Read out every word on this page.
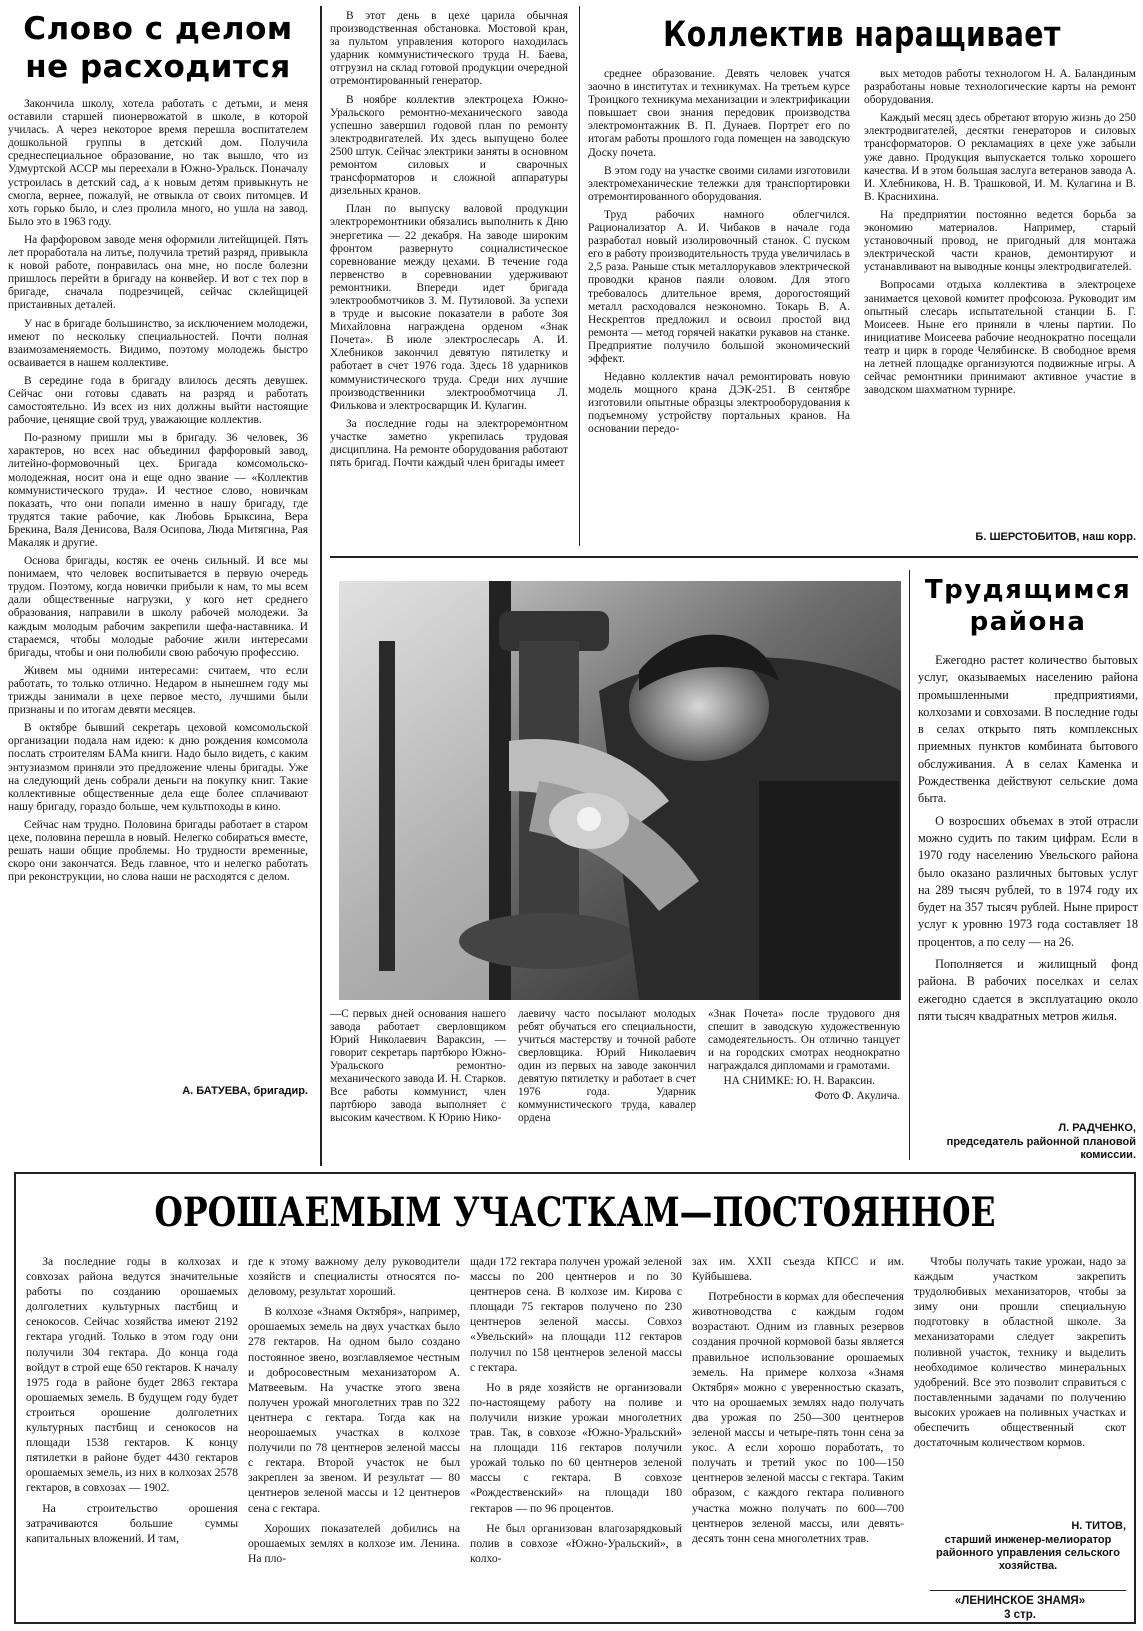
Слово с делом
не расходится

Закончила школу, хотела работать с детьми, и меня оставили старшей пионервожатой в школе, в которой училась. А через некоторое время перешла воспитателем дошкольной группы в детский дом. Получила среднеспециальное образование, но так вышло, что из Удмуртской АССР мы переехали в Южно-Уральск. Поначалу устроилась в детский сад, а к новым детям привыкнуть не смогла, вернее, пожалуй, не отвыкла от своих питомцев. И хоть горько было, и слез пролила много, но ушла на завод. Было это в 1963 году.

На фарфоровом заводе меня оформили литейщицей. Пять лет проработала на литье, получила третий разряд, привыкла к новой работе, понравилась она мне, но после болезни пришлось перейти в бригаду на конвейер. И вот с тех пор в бригаде, сначала подрезчицей, сейчас склейщицей пристаивных деталей.

У нас в бригаде большинство, за исключением молодежи, имеют по нескольку специальностей. Почти полная взаимозаменяемость. Видимо, поэтому молодежь быстро осваивается в нашем коллективе.

В середине года в бригаду влилось десять девушек. Сейчас они готовы сдавать на разряд и работать самостоятельно. Из всех из них должны выйти настоящие рабочие, ценящие свой труд, уважающие коллектив.

По-разному пришли мы в бригаду. 36 человек, 36 характеров, но всех нас объединил фарфоровый завод, литейно-формовочный цех. Бригада комсомольско-молодежная, носит она и еще одно звание — «Коллектив коммунистического труда». И честное слово, новичкам показать, что они попали именно в нашу бригаду, где трудятся такие рабочие, как Любовь Брыксина, Вера Брекина, Валя Денисова, Валя Осипова, Люда Митягина, Рая Макаляк и другие.

Основа бригады, костяк ее очень сильный. И все мы понимаем, что человек воспитывается в первую очередь трудом. Поэтому, когда новички прибыли к нам, то мы всем дали общественные нагрузки, у кого нет среднего образования, направили в школу рабочей молодежи. За каждым молодым рабочим закрепили шефа-наставника. И стараемся, чтобы молодые рабочие жили интересами бригады, чтобы и они полюбили свою рабочую профессию.

Живем мы одними интересами: считаем, что если работать, то только отлично. Недаром в нынешнем году мы трижды занимали в цехе первое место, лучшими были признаны и по итогам девяти месяцев.

В октябре бывший секретарь цеховой комсомольской организации подала нам идею: к дню рождения комсомола послать строителям БАМа книги. Надо было видеть, с каким энтузиазмом приняли это предложение члены бригады. Уже на следующий день собрали деньги на покупку книг. Такие коллективные общественные дела еще более сплачивают нашу бригаду, гораздо больше, чем культпоходы в кино.

Сейчас нам трудно. Половина бригады работает в старом цехе, половина перешла в новый. Нелегко собираться вместе, решать наши общие проблемы. Но трудности временные, скоро они закончатся. Ведь главное, что и нелегко работать при реконструкции, но слова наши не расходятся с делом.

А. БАТУЕВА, бригадир.

В этот день в цехе царила обычная производственная обстановка. Мостовой кран, за пультом управления которого находилась ударник коммунистического труда Н. Баева, отгрузил на склад готовой продукции очередной отремонтированный генератор.

В ноябре коллектив электроцеха Южно-Уральского ремонтно-механического завода успешно завершил годовой план по ремонту электродвигателей. Их здесь выпущено более 2500 штук. Сейчас электрики заняты в основном ремонтом силовых и сварочных трансформаторов и сложной аппаратуры дизельных кранов.

План по выпуску валовой продукции электроремонтники обязались выполнить к Дню энергетика — 22 декабря. На заводе широким фронтом развернуто социалистическое соревнование между цехами. В течение года первенство в соревновании удерживают ремонтники. Впереди идет бригада электрообмотчиков З. М. Путиловой. За успехи в труде и высокие показатели в работе Зоя Михайловна награждена орденом «Знак Почета». В июле электрослесарь А. И. Хлебников закончил девятую пятилетку и работает в счет 1976 года. Здесь 18 ударников коммунистического труда. Среди них лучшие производственники электрообмотчица Л. Филькова и электросварщик И. Кулагин.

За последние годы на электроремонтном участке заметно укрепилась трудовая дисциплина. На ремонте оборудования работают пять бригад. Почти каждый член бригады имеет

Коллектив наращивает

среднее образование. Девять человек учатся заочно в институтах и техникумах. На третьем курсе Троицкого техникума механизации и электрификации повышает свои знания передовик производства электромонтажник В. П. Дунаев. Портрет его по итогам работы прошлого года помещен на заводскую Доску почета.

В этом году на участке своими силами изготовили электромеханические тележки для транспортировки отремонтированного оборудования.

Труд рабочих намного облегчился. Рационализатор А. И. Чибаков в начале года разработал новый изолировочный станок. С пуском его в работу производительность труда увеличилась в 2,5 раза. Раньше стык металлорукавов электрической проводки кранов паяли оловом. Для этого требовалось длительное время, дорогостоящий металл расходовался неэкономно. Токарь В. А. Нескрептов предложил и освоил простой вид ремонта — метод горячей накатки рукавов на станке. Предприятие получило большой экономический эффект.

Недавно коллектив начал ремонтировать новую модель мощного крана ДЭК-251. В сентябре изготовили опытные образцы электрооборудования к подъемному устройству портальных кранов. На основании передо-

вых методов работы технологом Н. А. Баландиным разработаны новые технологические карты на ремонт оборудования.

Каждый месяц здесь обретают вторую жизнь до 250 электродвигателей, десятки генераторов и силовых трансформаторов. О рекламациях в цехе уже забыли уже давно. Продукция выпускается только хорошего качества. И в этом большая заслуга ветеранов завода А. И. Хлебникова, Н. В. Трашковой, И. М. Кулагина и В. В. Краснихина.

На предприятии постоянно ведется борьба за экономию материалов. Например, старый установочный провод, не пригодный для монтажа электрической части кранов, демонтируют и устанавливают на выводные концы электродвигателей.

Вопросами отдыха коллектива в электроцехе занимается цеховой комитет профсоюза. Руководит им опытный слесарь испытательной станции Б. Г. Моисеев. Ныне его приняли в члены партии. По инициативе Моисеева рабочие неоднократно посещали театр и цирк в городе Челябинске. В свободное время на летней площадке организуются подвижные игры. А сейчас ремонтники принимают активное участие в заводском шахматном турнире.

Б. ШЕРСТОБИТОВ, наш корр.
—С первых дней основания нашего завода работает сверловщиком Юрий Николаевич Вараксин, — говорит секретарь партбюро Южно-Уральского ремонтно-механического завода И. Н. Старков. Все работы коммунист, член партбюро завода выполняет с высоким качеством. К Юрию Нико-
лаевичу часто посылают молодых ребят обучаться его специальности, учиться мастерству и точной работе сверловщика. Юрий Николаевич один из первых на заводе закончил девятую пятилетку и работает в счет 1976 года. Ударник коммунистического труда, кавалер ордена
«Знак Почета» после трудового дня спешит в заводскую художественную самодеятельность. Он отлично танцует и на городских смотрах неоднократно награждался дипломами и грамотами.
НА СНИМКЕ: Ю. Н. Вараксин.
Фото Ф. Акулича.
Трудящимся
района

Ежегодно растет количество бытовых услуг, оказываемых населению района промышленными предприятиями, колхозами и совхозами. В последние годы в селах открыто пять комплексных приемных пунктов комбината бытового обслуживания. А в селах Каменка и Рождественка действуют сельские дома быта.

О возросших объемах в этой отрасли можно судить по таким цифрам. Если в 1970 году населению Увельского района было оказано различных бытовых услуг на 289 тысяч рублей, то в 1974 году их будет на 357 тысяч рублей. Ныне прирост услуг к уровню 1973 года составляет 18 процентов, а по селу — на 26.

Пополняется и жилищный фонд района. В рабочих поселках и селах ежегодно сдается в эксплуатацию около пяти тысяч квадратных метров жилья.

Л. РАДЧЕНКО,
председатель районной плановой комиссии.
ОРОШАЕМЫМ УЧАСТКАМ—ПОСТОЯННОЕ

За последние годы в колхозах и совхозах района ведутся значительные работы по созданию орошаемых долголетних культурных пастбищ и сенокосов. Сейчас хозяйства имеют 2192 гектара угодий. Только в этом году они получили 304 гектара. До конца года войдут в строй еще 650 гектаров. К началу 1975 года в районе будет 2863 гектара орошаемых земель. В будущем году будет строиться орошение долголетних культурных пастбищ и сенокосов на площади 1538 гектаров. К концу пятилетки в районе будет 4430 гектаров орошаемых земель, из них в колхозах 2578 гектаров, в совхозах — 1902.

На строительство орошения затрачиваются большие суммы капитальных вложений. И там,

где к этому важному делу руководители хозяйств и специалисты относятся по-деловому, результат хороший.

В колхозе «Знамя Октября», например, орошаемых земель на двух участках было 278 гектаров. На одном было создано постоянное звено, возглавляемое честным и добросовестным механизатором А. Матвеевым. На участке этого звена получен урожай многолетних трав по 322 центнера с гектара. Тогда как на неорошаемых участках в колхозе получили по 78 центнеров зеленой массы с гектара. Второй участок не был закреплен за звеном. И результат — 80 центнеров зеленой массы и 12 центнеров сена с гектара.

Хороших показателей добились на орошаемых землях в колхозе им. Ленина. На пло-

щади 172 гектара получен урожай зеленой массы по 200 центнеров и по 30 центнеров сена. В колхозе им. Кирова с площади 75 гектаров получено по 230 центнеров зеленой массы. Совхоз «Увельский» на площади 112 гектаров получил по 158 центнеров зеленой массы с гектара.

Но в ряде хозяйств не организовали по-настоящему работу на поливе и получили низкие урожаи многолетних трав. Так, в совхозе «Южно-Уральский» на площади 116 гектаров получили урожай только по 60 центнеров зеленой массы с гектара. В совхозе «Рождественский» на площади 180 гектаров — по 96 процентов.

Не был организован влагозарядковый полив в совхозе «Южно-Уральский», в колхо-

зах им. XXII съезда КПСС и им. Куйбышева.

Потребности в кормах для обеспечения животноводства с каждым годом возрастают. Одним из главных резервов создания прочной кормовой базы является правильное использование орошаемых земель. На примере колхоза «Знамя Октября» можно с уверенностью сказать, что на орошаемых землях надо получать два урожая по 250—300 центнеров зеленой массы и четыре-пять тонн сена за укос. А если хорошо поработать, то получать и третий укос по 100—150 центнеров зеленой массы с гектара. Таким образом, с каждого гектара поливного участка можно получать по 600—700 центнеров зеленой массы, или девять-десять тонн сена многолетних трав.

Чтобы получать такие урожаи, надо за каждым участком закрепить трудолюбивых механизаторов, чтобы за зиму они прошли специальную подготовку в областной школе. За механизаторами следует закрепить поливной участок, технику и выделить необходимое количество минеральных удобрений. Все это позволит справиться с поставленными задачами по получению высоких урожаев на поливных участках и обеспечить общественный скот достаточным количеством кормов.

Н. ТИТОВ,
старший инженер-мелиоратор районного управления сельского хозяйства.
«ЛЕНИНСКОЕ ЗНАМЯ»
3 стр.
